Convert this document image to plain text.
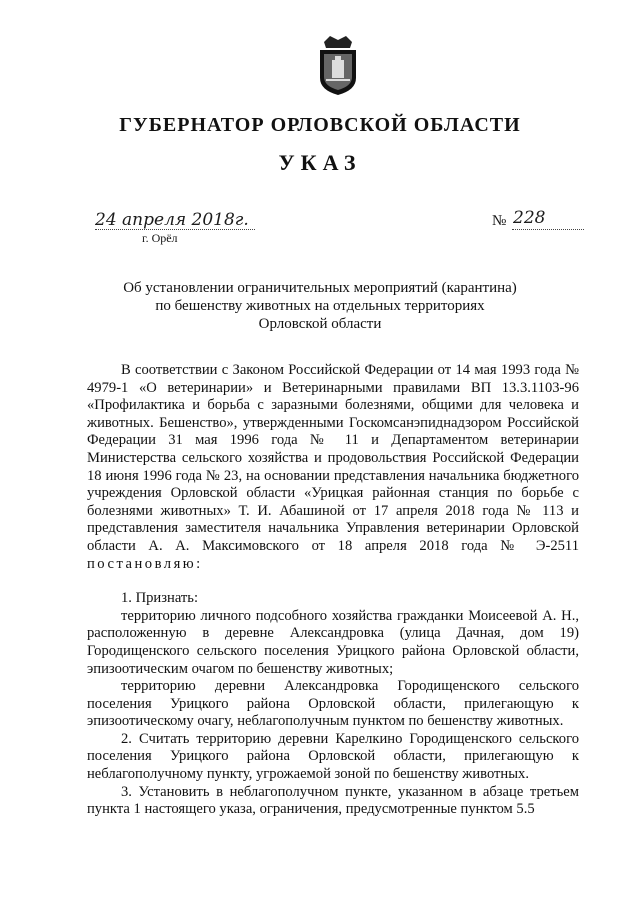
ГУБЕРНАТОР ОРЛОВСКОЙ ОБЛАСТИ
УКАЗ
24 апреля 2018г.
г. Орёл
№ 228
Об установлении ограничительных мероприятий (карантина)
по бешенству животных на отдельных территориях
Орловской области

В соответствии с Законом Российской Федерации от 14 мая 1993 года № 4979-1 «О ветеринарии» и Ветеринарными правилами ВП 13.3.1103-96 «Профилактика и борьба с заразными болезнями, общими для человека и животных. Бешенство», утвержденными Госкомсанэпиднадзором Российской Федерации 31 мая 1996 года № 11 и Департаментом ветеринарии Министерства сельского хозяйства и продовольствия Российской Федерации 18 июня 1996 года № 23, на основании представления начальника бюджетного учреждения Орловской области «Урицкая районная станция по борьбе с болезнями животных» Т. И. Абашиной от 17 апреля 2018 года № 113 и представления заместителя начальника Управления ветеринарии Орловской области А. А. Максимовского от 18 апреля 2018 года № Э-2511 постановляю:

1. Признать:

территорию личного подсобного хозяйства гражданки Моисеевой А. Н., расположенную в деревне Александровка (улица Дачная, дом 19) Городищенского сельского поселения Урицкого района Орловской области, эпизоотическим очагом по бешенству животных;

территорию деревни Александровка Городищенского сельского поселения Урицкого района Орловской области, прилегающую к эпизоотическому очагу, неблагополучным пунктом по бешенству животных.

2. Считать территорию деревни Карелкино Городищенского сельского поселения Урицкого района Орловской области, прилегающую к неблагополучному пункту, угрожаемой зоной по бешенству животных.

3. Установить в неблагополучном пункте, указанном в абзаце третьем пункта 1 настоящего указа, ограничения, предусмотренные пунктом 5.5
